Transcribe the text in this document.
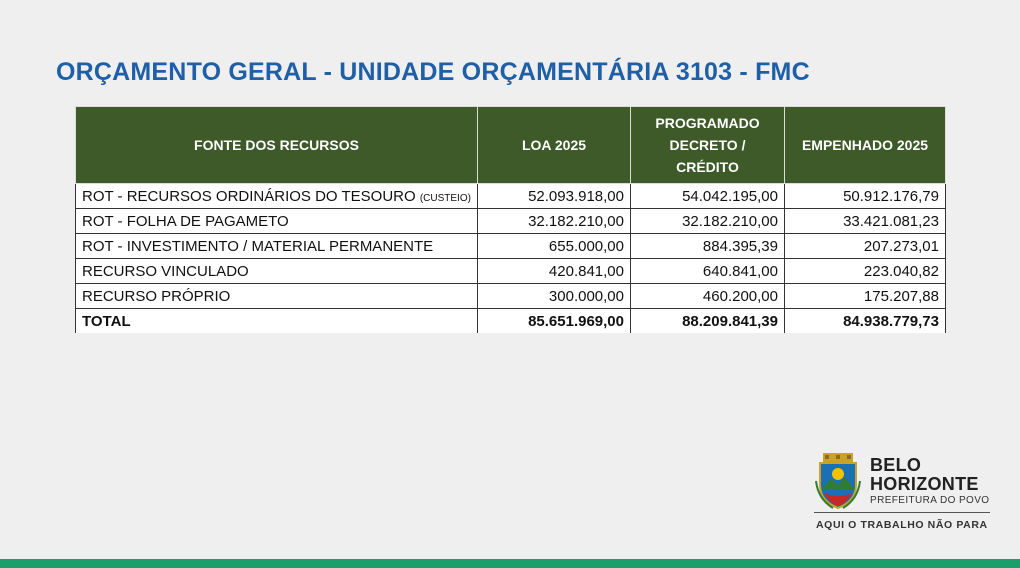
ORÇAMENTO GERAL - UNIDADE ORÇAMENTÁRIA 3103 - FMC
FONTE DOS RECURSOS	LOA 2025	PROGRAMADO DECRETO / CRÉDITO	EMPENHADO 2025
ROT - RECURSOS ORDINÁRIOS DO TESOURO (CUSTEIO)	52.093.918,00	54.042.195,00	50.912.176,79
ROT - FOLHA DE PAGAMETO	32.182.210,00	32.182.210,00	33.421.081,23
ROT - INVESTIMENTO / MATERIAL PERMANENTE	655.000,00	884.395,39	207.273,01
RECURSO VINCULADO	420.841,00	640.841,00	223.040,82
RECURSO PRÓPRIO	300.000,00	460.200,00	175.207,88
TOTAL	85.651.969,00	88.209.841,39	84.938.779,73
BELO
HORIZONTE
PREFEITURA DO POVO
AQUI O TRABALHO NÃO PARA
